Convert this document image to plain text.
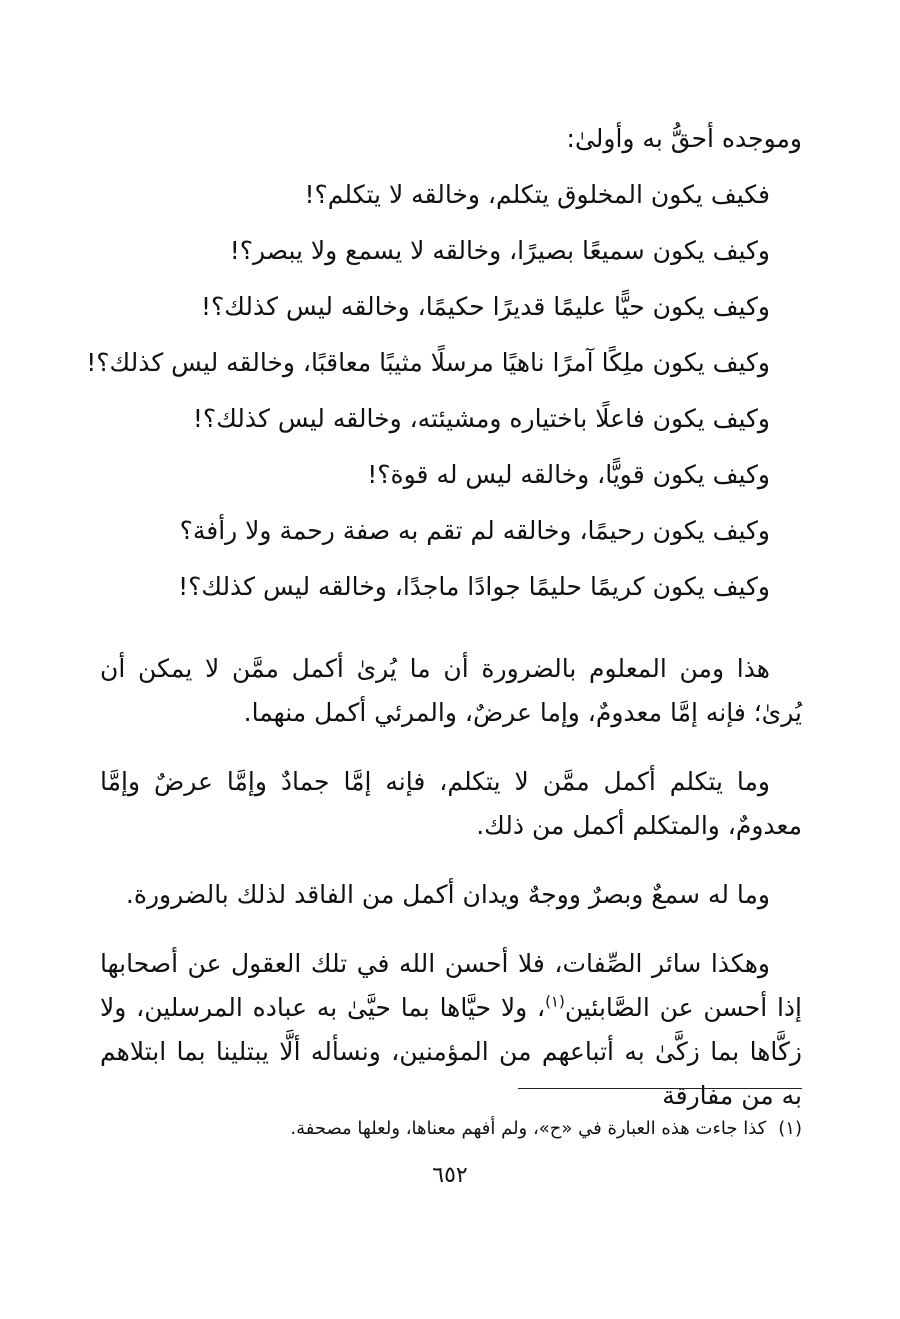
وموجده أحقُّ به وأولىٰ:
فكيف يكون المخلوق يتكلم، وخالقه لا يتكلم؟!
وكيف يكون سميعًا بصيرًا، وخالقه لا يسمع ولا يبصر؟!
وكيف يكون حيًّا عليمًا قديرًا حكيمًا، وخالقه ليس كذلك؟!
وكيف يكون ملِكًا آمرًا ناهيًا مرسلًا مثيبًا معاقبًا، وخالقه ليس كذلك؟!
وكيف يكون فاعلًا باختياره ومشيئته، وخالقه ليس كذلك؟!
وكيف يكون قويًّا، وخالقه ليس له قوة؟!
وكيف يكون رحيمًا، وخالقه لم تقم به صفة رحمة ولا رأفة؟
وكيف يكون كريمًا حليمًا جوادًا ماجدًا، وخالقه ليس كذلك؟!

هذا ومن المعلوم بالضرورة أن ما يُرىٰ أكمل ممَّن لا يمكن أن يُرىٰ؛ فإنه إمَّا معدومٌ، وإما عرضٌ، والمرئي أكمل منهما.

وما يتكلم أكمل ممَّن لا يتكلم، فإنه إمَّا جمادٌ وإمَّا عرضٌ وإمَّا معدومٌ، والمتكلم أكمل من ذلك.

وما له سمعٌ وبصرٌ ووجهٌ ويدان أكمل من الفاقد لذلك بالضرورة.

وهكذا سائر الصِّفات، فلا أحسن الله في تلك العقول عن أصحابها إذا أحسن عن الصَّابئين$^{(١)}$، ولا حيَّاها بما حيَّىٰ به عباده المرسلين، ولا زكَّاها بما زكَّىٰ به أتباعهم من المؤمنين، ونسأله ألَّا يبتلينا بما ابتلاهم به من مفارقة

(١)كذا جاءت هذه العبارة في «ح»، ولم أفهم معناها، ولعلها مصحفة.
٦٥٢
